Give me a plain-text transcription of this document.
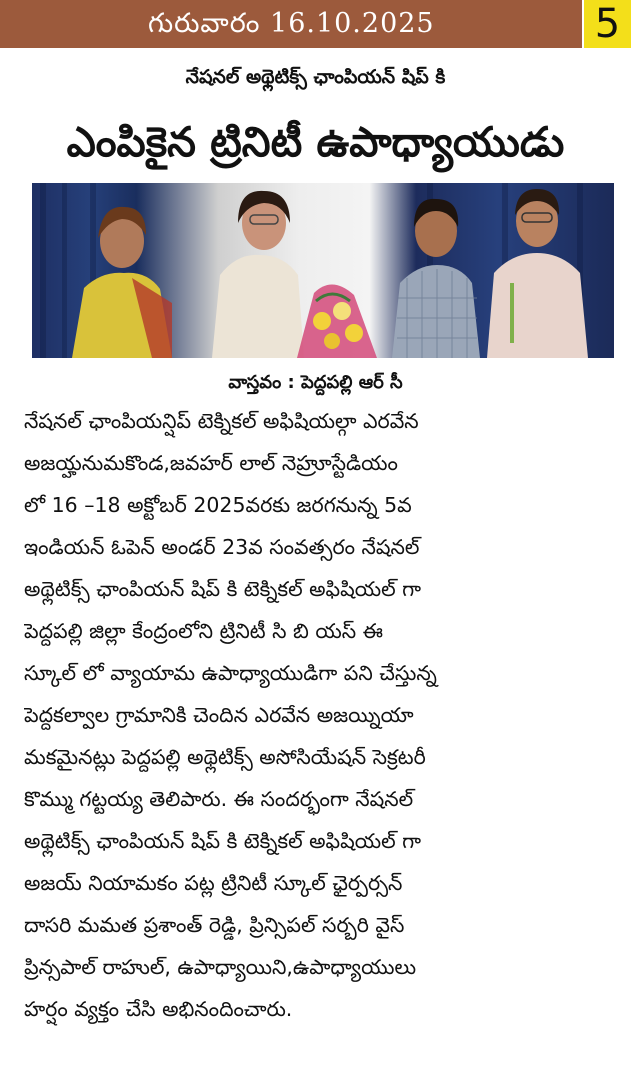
గురువారం 16.10.2025	5
నేషనల్ అథ్లెటిక్స్ ఛాంపియన్ షిప్ కి
ఎంపికైన ట్రినిటీ ఉపాధ్యాయుడు
వాస్తవం : పెద్దపల్లి ఆర్ సీ
నేషనల్ ఛాంపియన్షిప్ టెక్నికల్ అఫిషియల్గా ఎరవేన
అజయ్హనుమకొండ,జవహర్ లాల్ నెహ్రూస్టేడియం
లో 16 –18 అక్టోబర్ 2025వరకు జరగనున్న 5వ
ఇండియన్ ఓపెన్ అండర్ 23వ సంవత్సరం నేషనల్
అథ్లెటిక్స్ ఛాంపియన్ షిప్ కి టెక్నికల్ అఫిషియల్ గా
పెద్దపల్లి జిల్లా కేంద్రంలోని ట్రినిటీ సి బి యస్ ఈ
స్కూల్ లో వ్యాయామ ఉపాధ్యాయుడిగా పని చేస్తున్న
పెద్దకల్వాల గ్రామానికి చెందిన ఎరవేన అజయ్నియా
మకమైనట్లు పెద్దపల్లి అథ్లెటిక్స్ అసోసియేషన్ సెక్రటరీ
కొమ్ము గట్టయ్య తెలిపారు. ఈ సందర్భంగా నేషనల్
అథ్లెటిక్స్ ఛాంపియన్ షిప్ కి టెక్నికల్ అఫిషియల్ గా
అజయ్ నియామకం పట్ల ట్రినిటీ స్కూల్ ఛైర్పర్సన్
దాసరి మమత ప్రశాంత్ రెడ్డి, ప్రిన్సిపల్ సర్బరి వైస్
ప్రిన్సపాల్ రాహుల్, ఉపాధ్యాయిని,ఉపాధ్యాయులు
హర్షం వ్యక్తం చేసి అభినందించారు.
